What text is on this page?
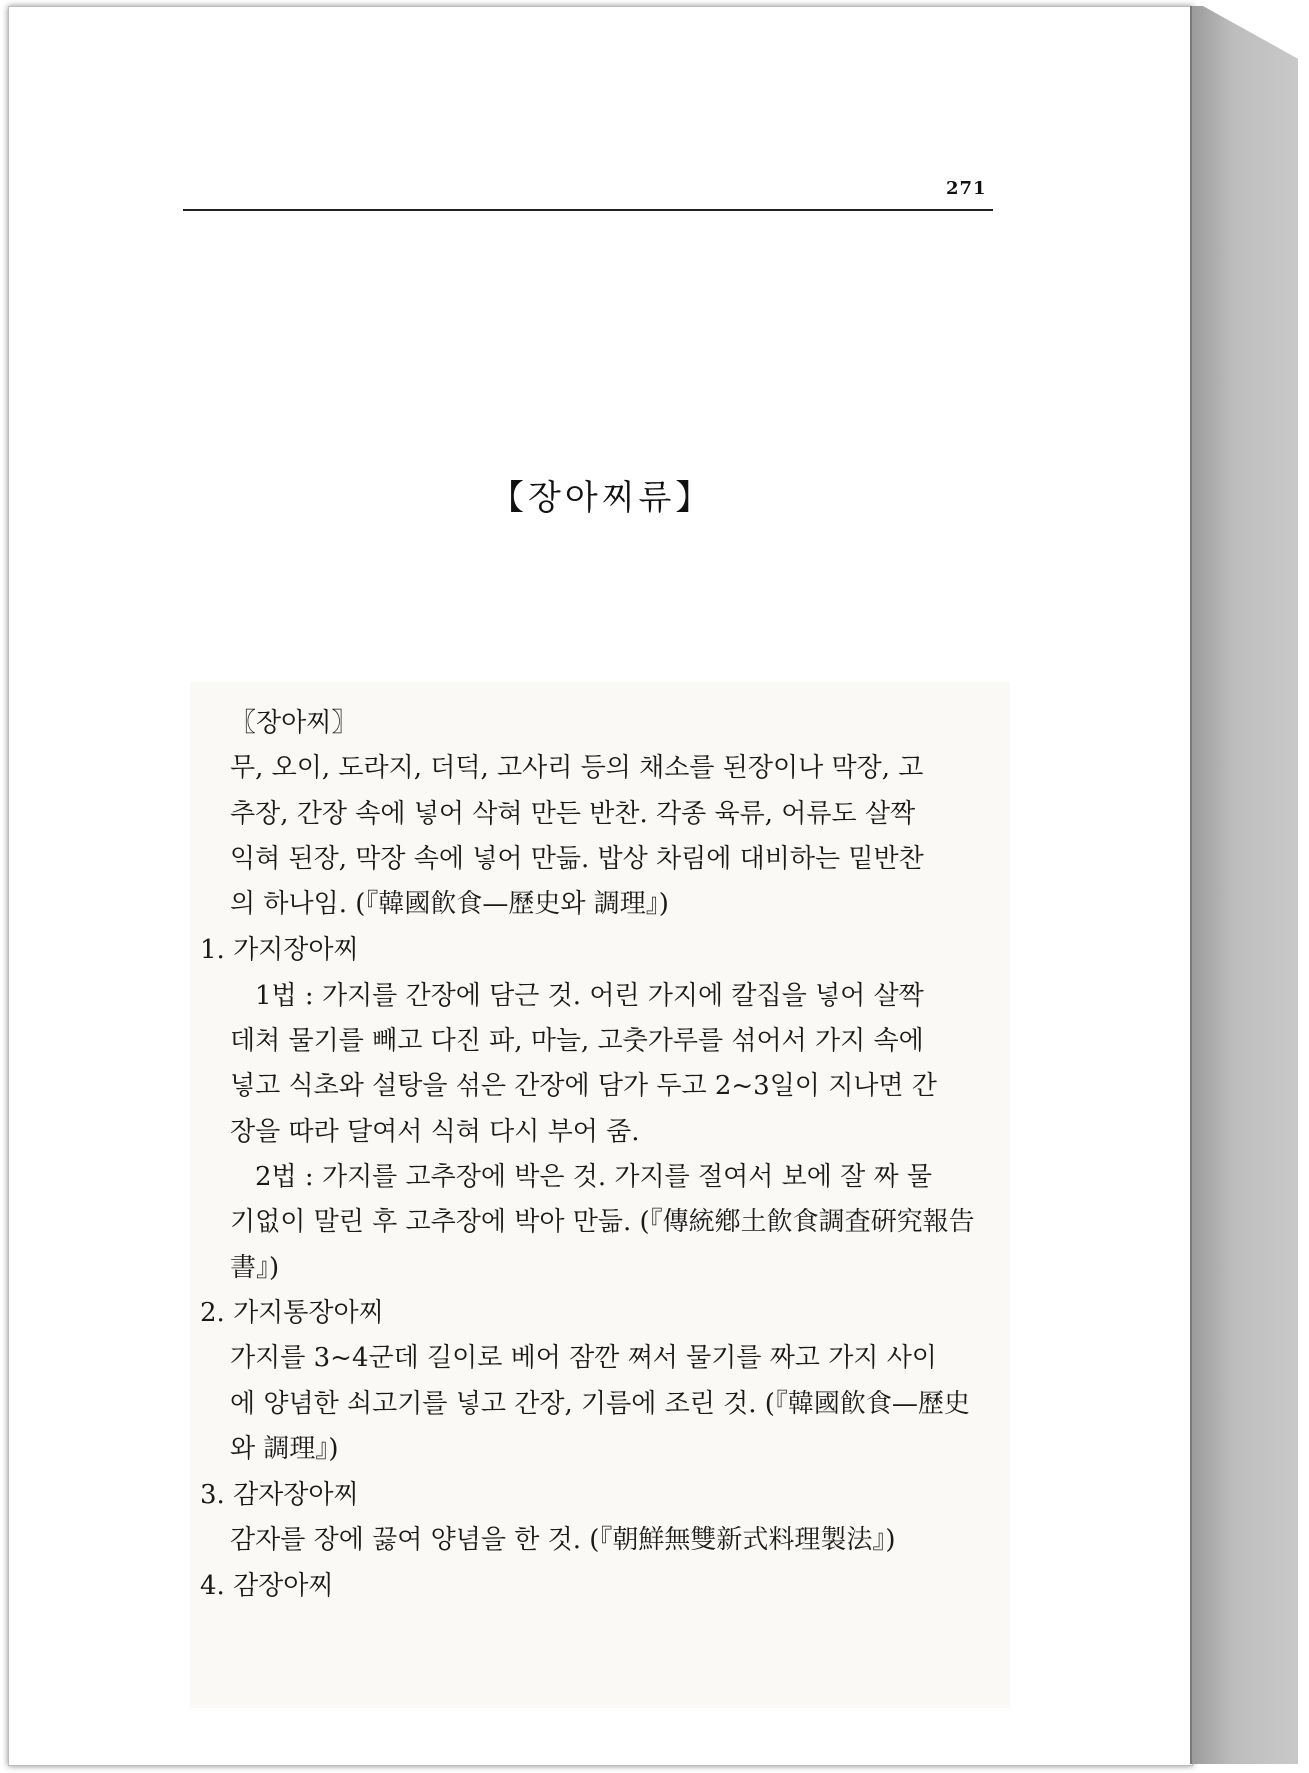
271
【장아찌류】

〖장아찌〗

무, 오이, 도라지, 더덕, 고사리 등의 채소를 된장이나 막장, 고

추장, 간장 속에 넣어 삭혀 만든 반찬. 각종 육류, 어류도 살짝

익혀 된장, 막장 속에 넣어 만듦. 밥상 차림에 대비하는 밑반찬

의 하나임. (『韓國飮食—歷史와 調理』)

1. 가지장아찌

1법 : 가지를 간장에 담근 것. 어린 가지에 칼집을 넣어 살짝

데쳐 물기를 빼고 다진 파, 마늘, 고춧가루를 섞어서 가지 속에

넣고 식초와 설탕을 섞은 간장에 담가 두고 2~3일이 지나면 간

장을 따라 달여서 식혀 다시 부어 줌.

2법 : 가지를 고추장에 박은 것. 가지를 절여서 보에 잘 짜 물

기없이 말린 후 고추장에 박아 만듦. (『傳統鄕土飮食調査硏究報告

書』)

2. 가지통장아찌

가지를 3~4군데 길이로 베어 잠깐 쪄서 물기를 짜고 가지 사이

에 양념한 쇠고기를 넣고 간장, 기름에 조린 것. (『韓國飮食—歷史

와 調理』)

3. 감자장아찌

감자를 장에 끓여 양념을 한 것. (『朝鮮無雙新式料理製法』)

4. 감장아찌
